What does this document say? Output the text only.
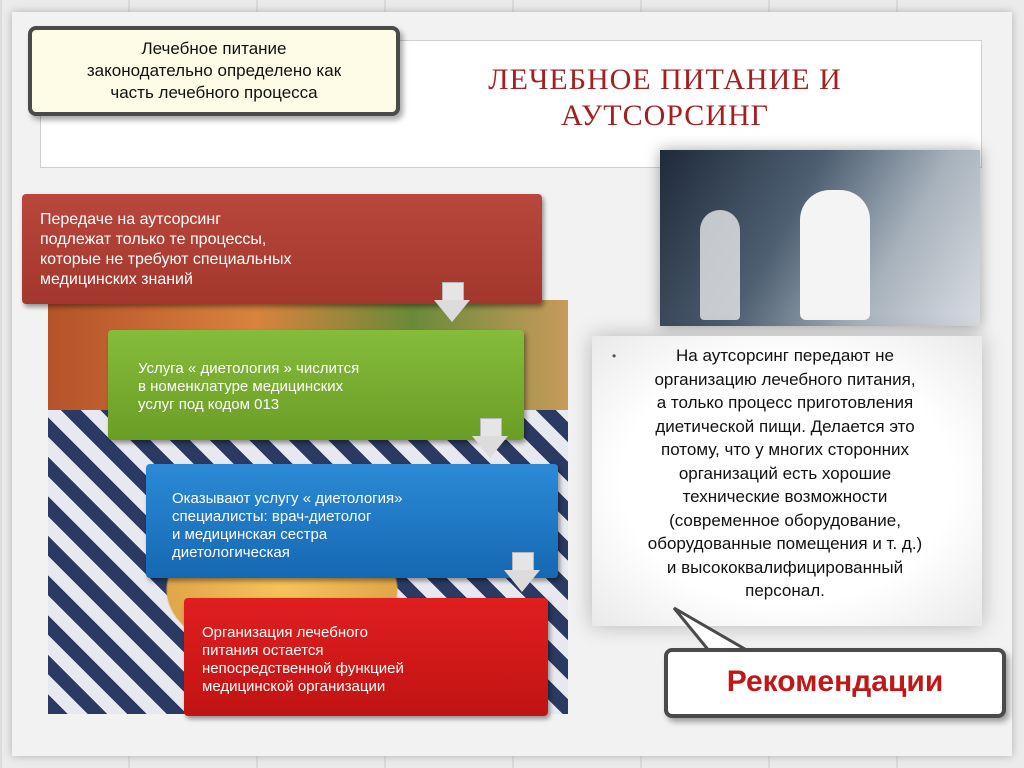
ЛЕЧЕБНОЕ ПИТАНИЕ И
АУТСОРСИНГ
Лечебное питание
законодательно определено как
часть лечебного процесса
Передаче на аутсорсинг
подлежат только те процессы,
которые не требуют специальных
медицинских знаний
Услуга « диетология » числится
в номенклатуре медицинских
услуг под кодом 013
Оказывают услугу « диетология»
специалисты: врач-диетолог
и медицинская сестра
диетологическая
Организация лечебного
питания остается
непосредственной функцией
медицинской организации
•	На аутсорсинг передают не
организацию лечебного питания,
а только процесс приготовления
диетической пищи. Делается это
потому, что у многих сторонних
организаций есть хорошие
технические возможности
(современное оборудование,
оборудованные помещения и т. д.)
и высококвалифицированный
персонал.
Рекомендации
